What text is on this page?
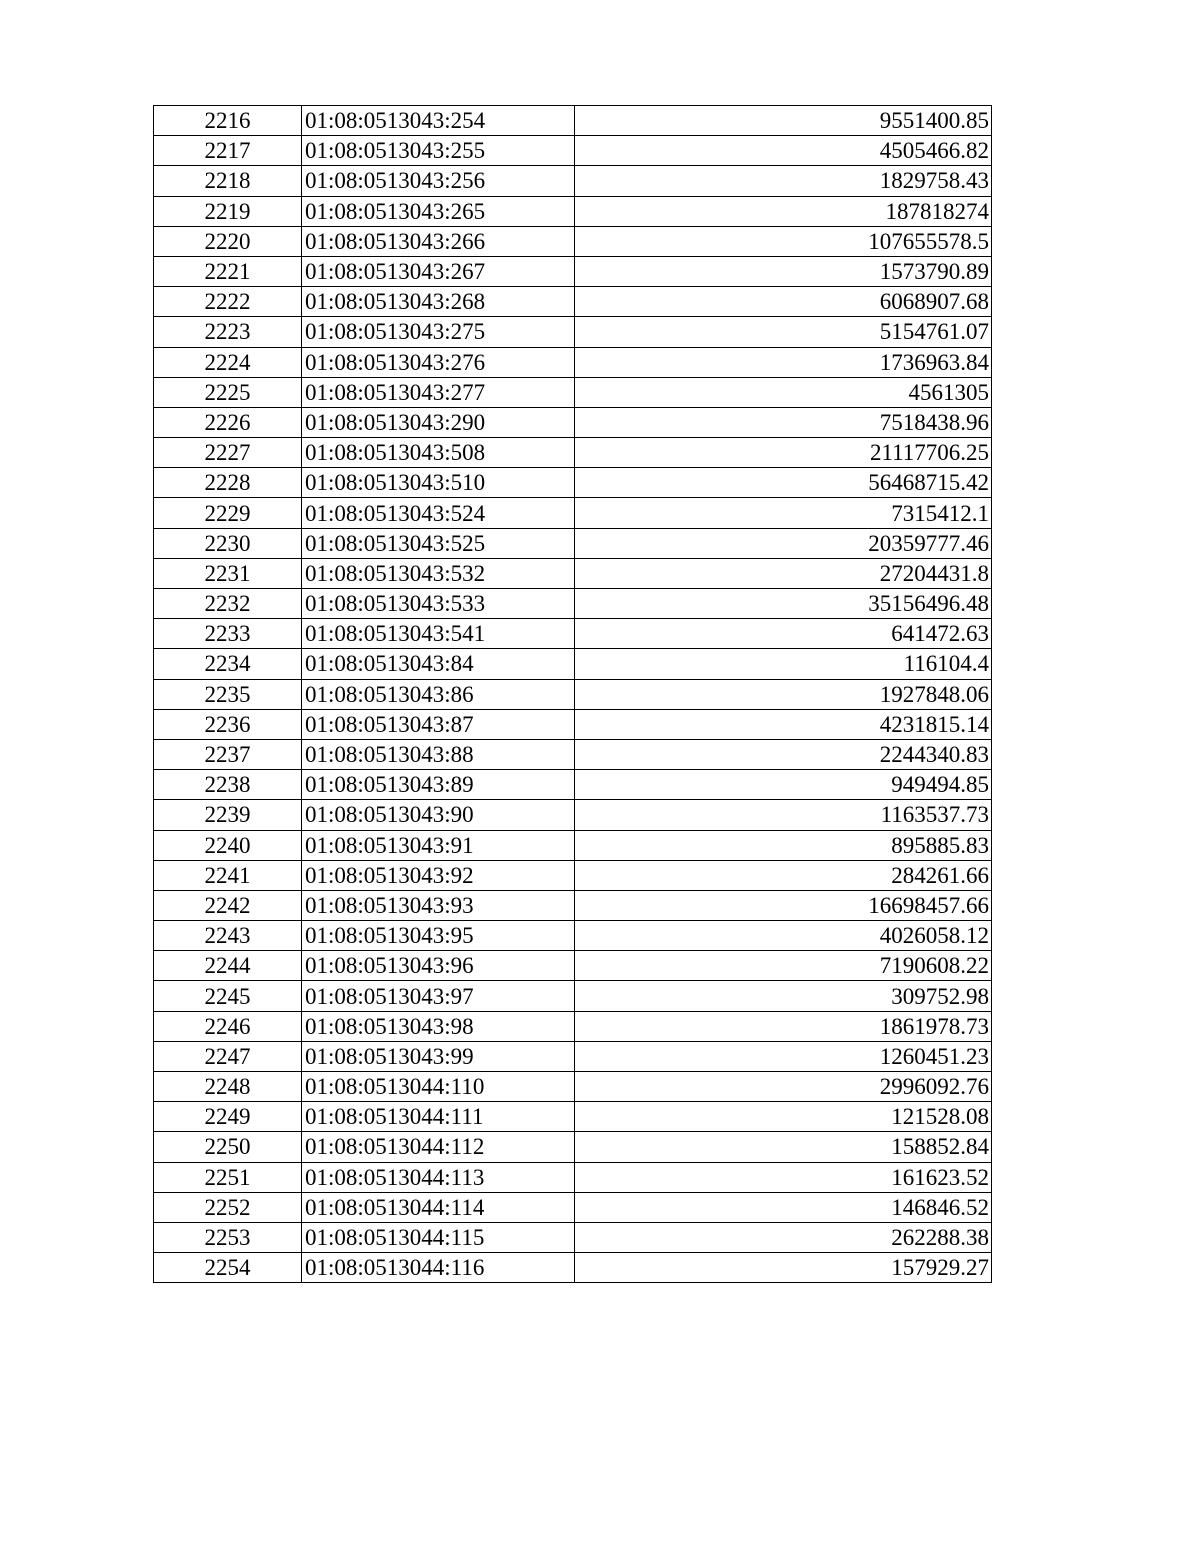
2216	01:08:0513043:254	9551400.85
2217	01:08:0513043:255	4505466.82
2218	01:08:0513043:256	1829758.43
2219	01:08:0513043:265	187818274
2220	01:08:0513043:266	107655578.5
2221	01:08:0513043:267	1573790.89
2222	01:08:0513043:268	6068907.68
2223	01:08:0513043:275	5154761.07
2224	01:08:0513043:276	1736963.84
2225	01:08:0513043:277	4561305
2226	01:08:0513043:290	7518438.96
2227	01:08:0513043:508	21117706.25
2228	01:08:0513043:510	56468715.42
2229	01:08:0513043:524	7315412.1
2230	01:08:0513043:525	20359777.46
2231	01:08:0513043:532	27204431.8
2232	01:08:0513043:533	35156496.48
2233	01:08:0513043:541	641472.63
2234	01:08:0513043:84	116104.4
2235	01:08:0513043:86	1927848.06
2236	01:08:0513043:87	4231815.14
2237	01:08:0513043:88	2244340.83
2238	01:08:0513043:89	949494.85
2239	01:08:0513043:90	1163537.73
2240	01:08:0513043:91	895885.83
2241	01:08:0513043:92	284261.66
2242	01:08:0513043:93	16698457.66
2243	01:08:0513043:95	4026058.12
2244	01:08:0513043:96	7190608.22
2245	01:08:0513043:97	309752.98
2246	01:08:0513043:98	1861978.73
2247	01:08:0513043:99	1260451.23
2248	01:08:0513044:110	2996092.76
2249	01:08:0513044:111	121528.08
2250	01:08:0513044:112	158852.84
2251	01:08:0513044:113	161623.52
2252	01:08:0513044:114	146846.52
2253	01:08:0513044:115	262288.38
2254	01:08:0513044:116	157929.27
